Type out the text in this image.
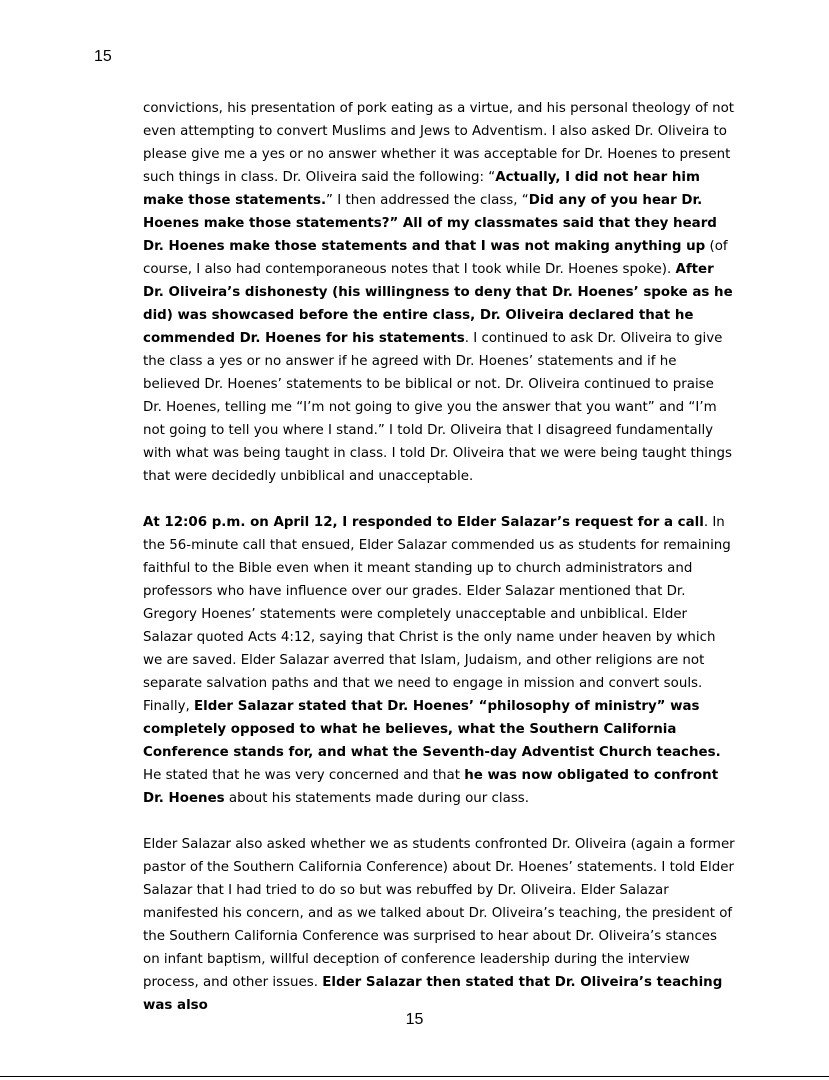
15

convictions, his presentation of pork eating as a virtue, and his personal theology of not even attempting to convert Muslims and Jews to Adventism. I also asked Dr. Oliveira to please give me a yes or no answer whether it was acceptable for Dr. Hoenes to present such things in class. Dr. Oliveira said the following: “Actually, I did not hear him make those statements.” I then addressed the class, “Did any of you hear Dr. Hoenes make those statements?” All of my classmates said that they heard Dr. Hoenes make those statements and that I was not making anything up (of course, I also had contemporaneous notes that I took while Dr. Hoenes spoke). After Dr. Oliveira’s dishonesty (his willingness to deny that Dr. Hoenes’ spoke as he did) was showcased before the entire class, Dr. Oliveira declared that he commended Dr. Hoenes for his statements. I continued to ask Dr. Oliveira to give the class a yes or no answer if he agreed with Dr. Hoenes’ statements and if he believed Dr. Hoenes’ statements to be biblical or not. Dr. Oliveira continued to praise Dr. Hoenes, telling me “I’m not going to give you the answer that you want” and “I’m not going to tell you where I stand.” I told Dr. Oliveira that I disagreed fundamentally with what was being taught in class. I told Dr. Oliveira that we were being taught things that were decidedly unbiblical and unacceptable.

At 12:06 p.m. on April 12, I responded to Elder Salazar’s request for a call. In the 56-minute call that ensued, Elder Salazar commended us as students for remaining faithful to the Bible even when it meant standing up to church administrators and professors who have influence over our grades. Elder Salazar mentioned that Dr. Gregory Hoenes’ statements were completely unacceptable and unbiblical. Elder Salazar quoted Acts 4:12, saying that Christ is the only name under heaven by which we are saved. Elder Salazar averred that Islam, Judaism, and other religions are not separate salvation paths and that we need to engage in mission and convert souls. Finally, Elder Salazar stated that Dr. Hoenes’ “philosophy of ministry” was completely opposed to what he believes, what the Southern California Conference stands for, and what the Seventh-day Adventist Church teaches. He stated that he was very concerned and that he was now obligated to confront Dr. Hoenes about his statements made during our class.

Elder Salazar also asked whether we as students confronted Dr. Oliveira (again a former pastor of the Southern California Conference) about Dr. Hoenes’ statements. I told Elder Salazar that I had tried to do so but was rebuffed by Dr. Oliveira. Elder Salazar manifested his concern, and as we talked about Dr. Oliveira’s teaching, the president of the Southern California Conference was surprised to hear about Dr. Oliveira’s stances on infant baptism, willful deception of conference leadership during the interview process, and other issues. Elder Salazar then stated that Dr. Oliveira’s teaching was also

15
